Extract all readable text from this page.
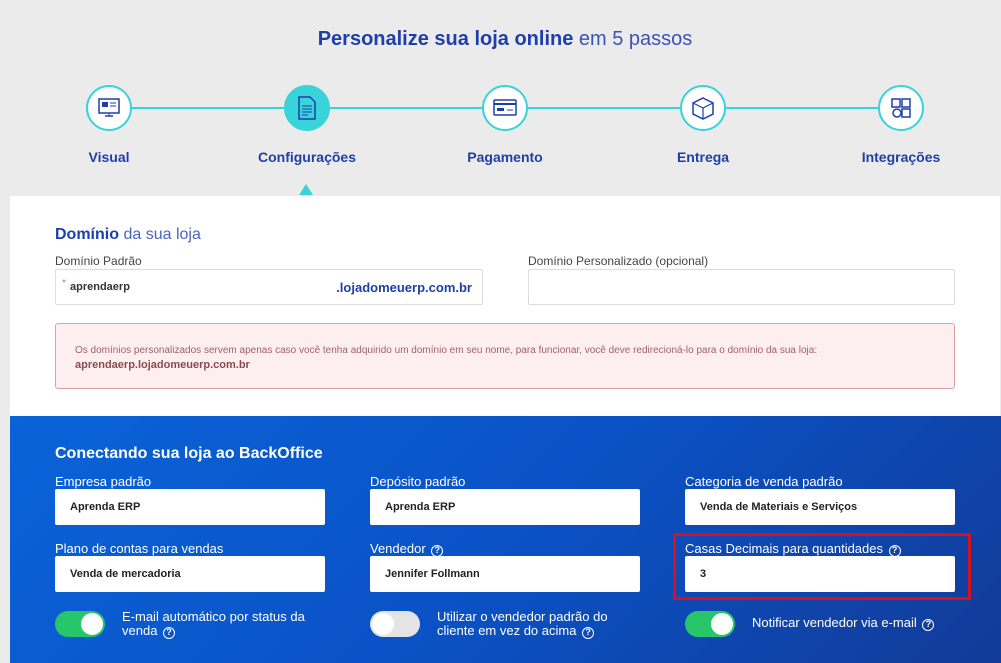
Personalize sua loja online em 5 passos
Visual	Configurações	Pagamento	Entrega	Integrações
Domínio da sua loja
Domínio Padrão
* aprendaerp	.lojadomeuerp.com.br
Domínio Personalizado (opcional)
Os domínios personalizados servem apenas caso você tenha adquirido um domínio em seu nome, para funcionar, você deve redirecioná-lo para o domínio da sua loja:
aprendaerp.lojadomeuerp.com.br
Conectando sua loja ao BackOffice
Empresa padrão
Aprenda ERP
Depósito padrão
Aprenda ERP
Categoria de venda padrão
Venda de Materiais e Serviços
Plano de contas para vendas
Venda de mercadoria
Vendedor ?
Jennifer Follmann
Casas Decimais para quantidades ?
3
E-mail automático por status da
venda ?
Utilizar o vendedor padrão do
cliente em vez do acima ?
Notificar vendedor via e-mail ?
